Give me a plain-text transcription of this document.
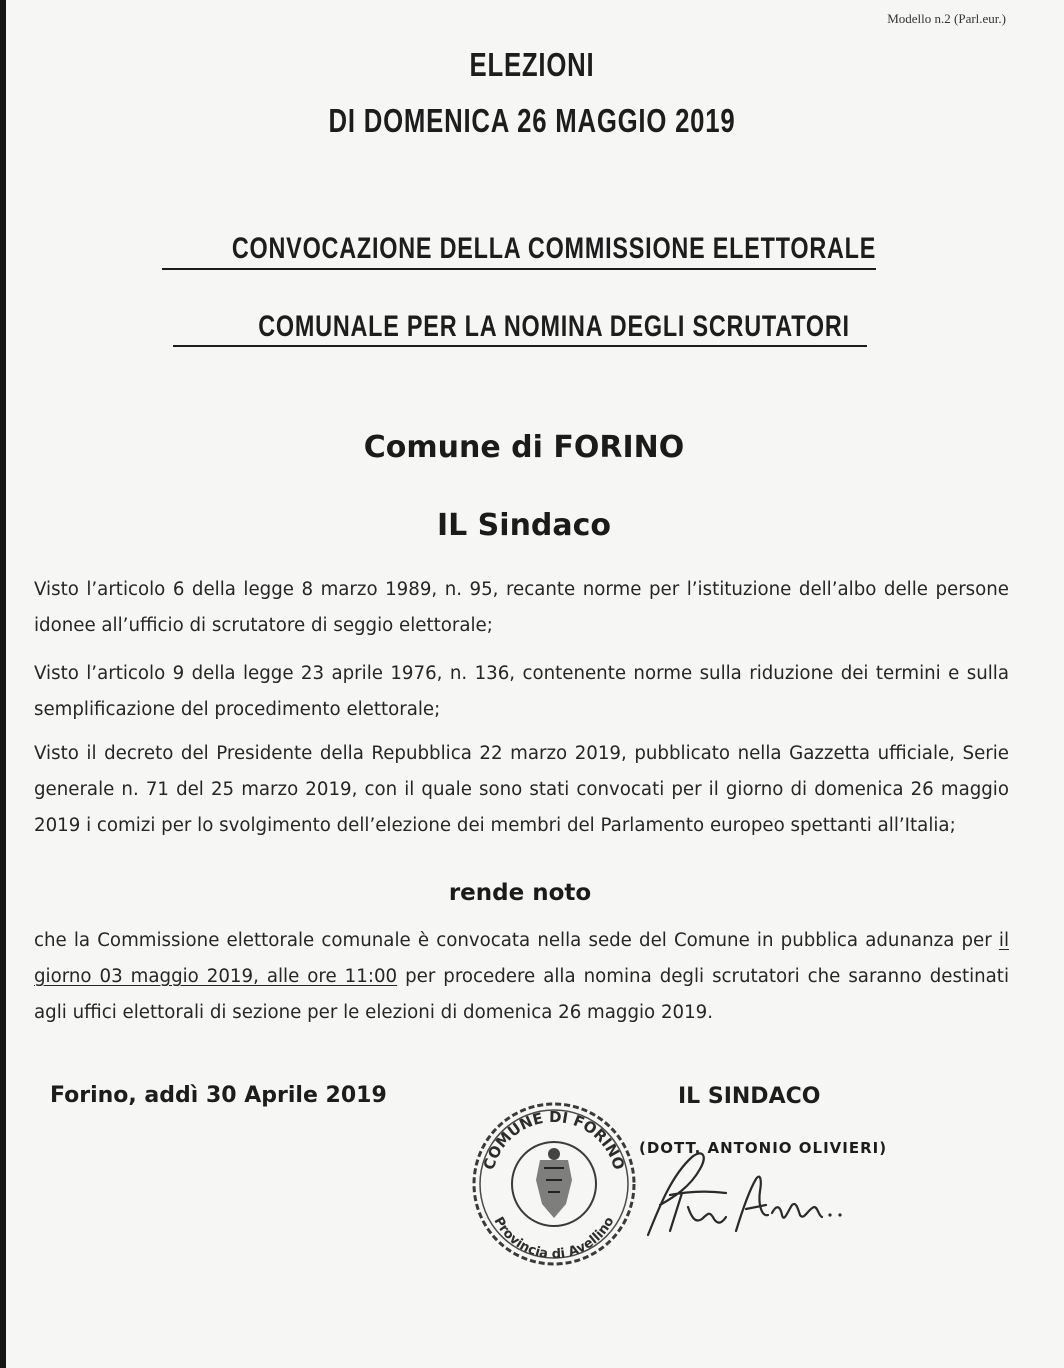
Modello n.2 (Parl.eur.)
ELEZIONI
DI DOMENICA 26 MAGGIO 2019
CONVOCAZIONE DELLA COMMISSIONE ELETTORALE
COMUNALE PER LA NOMINA DEGLI SCRUTATORI
Comune di FORINO
IL Sindaco
Visto l’articolo 6 della legge 8 marzo 1989, n. 95, recante norme per l’istituzione dell’albo delle persone idonee all’ufficio di scrutatore di seggio elettorale;
Visto l’articolo 9 della legge 23 aprile 1976, n. 136, contenente norme sulla riduzione dei termini e sulla semplificazione del procedimento elettorale;
Visto il decreto del Presidente della Repubblica 22 marzo 2019, pubblicato nella Gazzetta ufficiale, Serie generale n. 71 del 25 marzo 2019, con il quale sono stati convocati per il giorno di domenica 26 maggio 2019 i comizi per lo svolgimento dell’elezione dei membri del Parlamento europeo spettanti all’Italia;
rende noto
che la Commissione elettorale comunale è convocata nella sede del Comune in pubblica adunanza per il giorno 03 maggio 2019, alle ore 11:00 per procedere alla nomina degli scrutatori che saranno destinati agli uffici elettorali di sezione per le elezioni di domenica 26 maggio 2019.
Forino, addì 30 Aprile 2019
COMUNE DI FORINO
Provincia di Avellino
IL SINDACO
(DOTT. ANTONIO OLIVIERI)
